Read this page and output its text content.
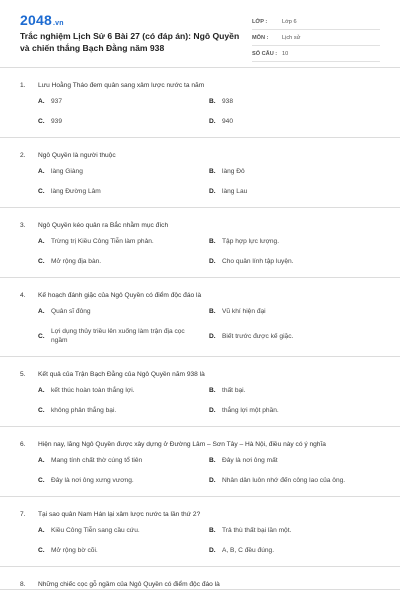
2048.vn
Trắc nghiệm Lịch Sử 6 Bài 27 (có đáp án): Ngô Quyền và chiến thắng Bạch Đằng năm 938
LỚP :	Lớp 6
MÔN :	Lịch sử
SỐ CÂU : 10
1.	Lưu Hoằng Tháo đem quân sang xâm lược nước ta năm
A. 937	B. 938
C. 939	D. 940
2.	Ngô Quyền là người thuộc
A. làng Giàng	B. làng Đô
C. làng Đường Lâm	D. làng Lau
3.	Ngô Quyền kéo quân ra Bắc nhằm mục đích
A. Trừng trị Kiều Công Tiễn làm phản.	B. Tập hợp lực lượng.
C. Mở rộng địa bàn.	D. Cho quân lính tập luyện.
4.	Kế hoạch đánh giặc của Ngô Quyền có điểm độc đáo là
A. Quân sĩ đông	B. Vũ khí hiện đại
C.
Lợi dụng thủy triều lên xuống làm trận địa cọc ngầm
D. Biết trước được kế giặc.
5.	Kết quả của Trận Bạch Đằng của Ngô Quyền năm 938 là
A. kết thúc hoàn toàn thắng lợi.	B. thất bại.
C. không phân thắng bại.	D. thắng lợi một phần.
6.	Hiện nay, lăng Ngô Quyền được xây dựng ở Đường Lâm – Sơn Tây – Hà Nội, điều này có ý nghĩa
A. Mang tính chất thờ cúng tổ tiên	B. Đây là nơi ông mất
C. Đây là nơi ông xưng vương.	D. Nhân dân luôn nhớ đến công lao của ông.
7.	Tại sao quân Nam Hán lại xâm lược nước ta lần thứ 2?
A. Kiều Công Tiễn sang cầu cứu.	B. Trả thù thất bại lần một.
C. Mở rộng bờ cõi.	D. A, B, C đều đúng.
8.	Những chiếc cọc gỗ ngầm của Ngô Quyền có điểm độc đáo là
